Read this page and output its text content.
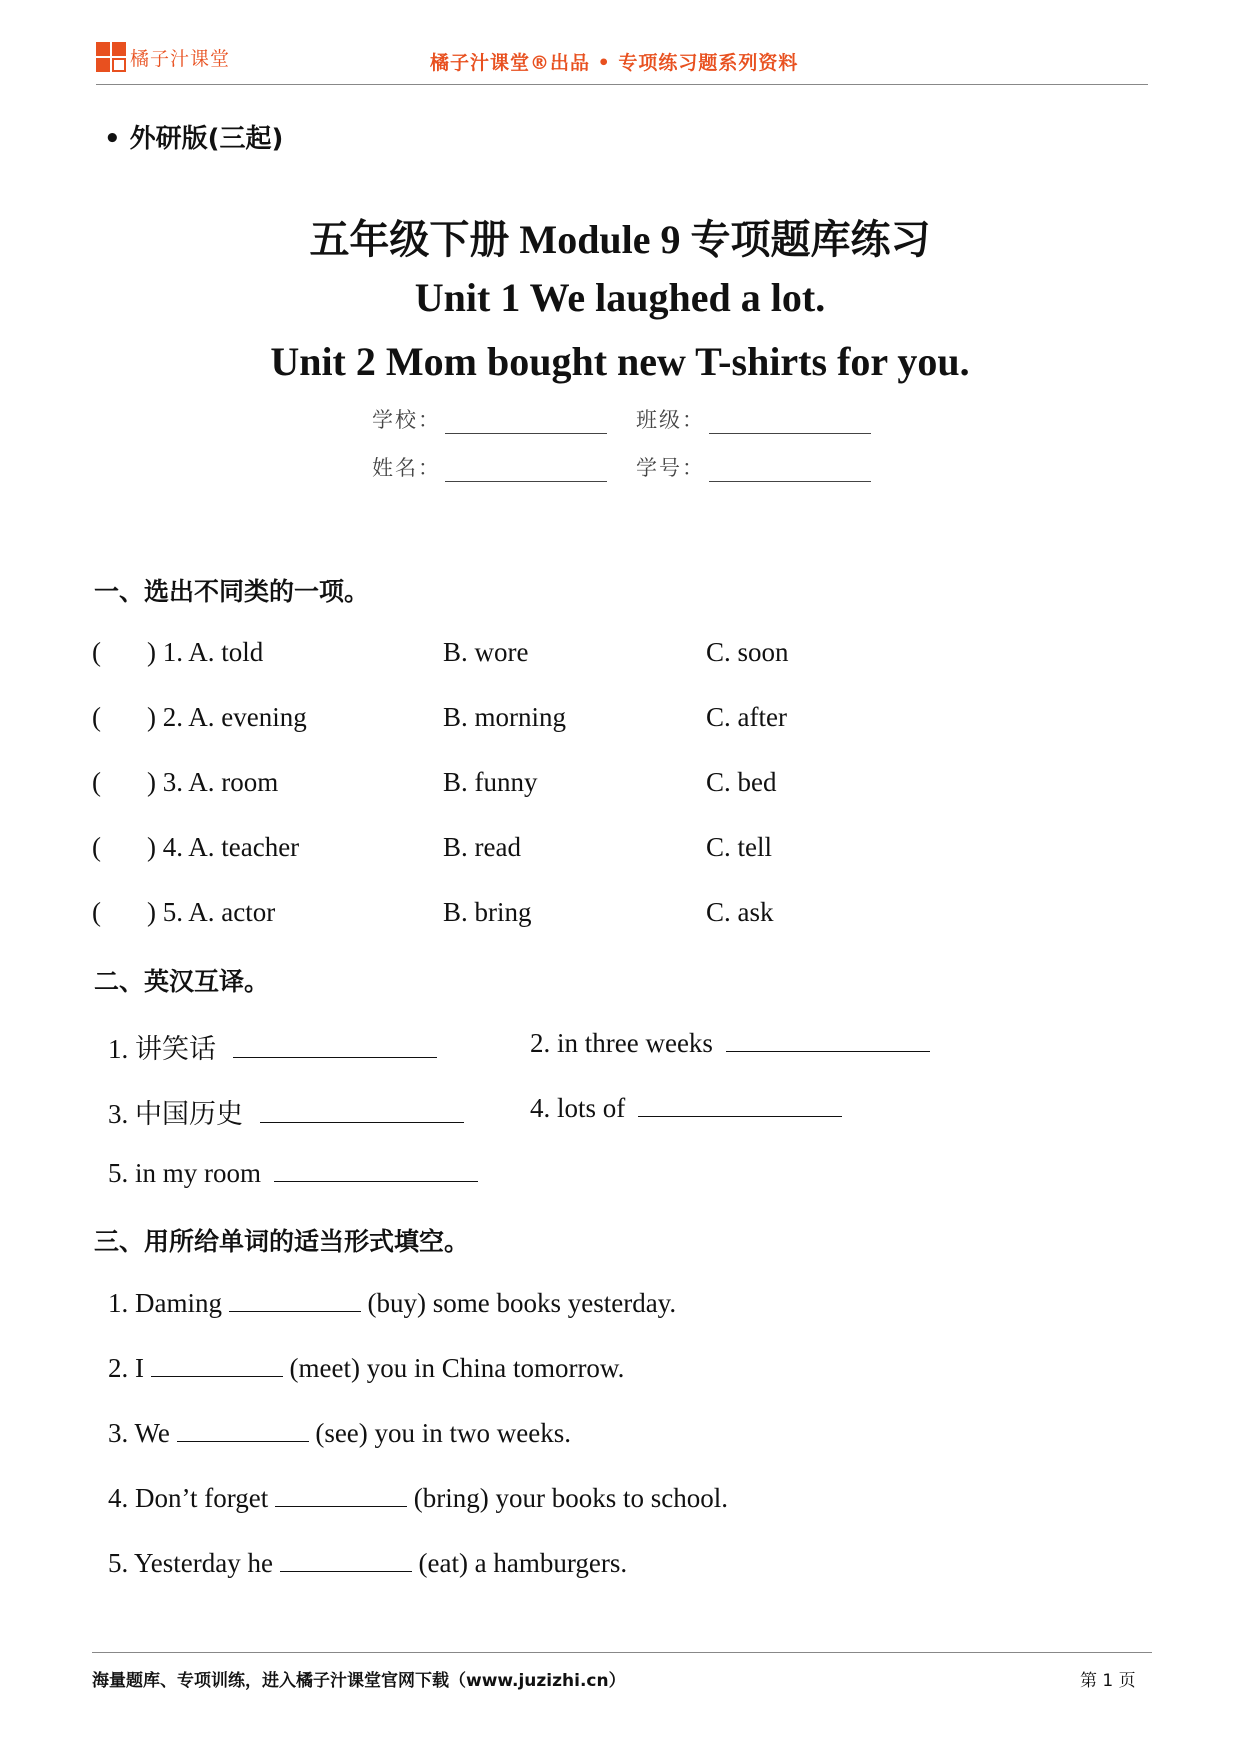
橘子汁课堂	橘子汁课堂®出品 • 专项练习题系列资料
• 外研版(三起)
五年级下册 Module 9 专项题库练习
Unit 1 We laughed a lot.
Unit 2 Mom bought new T-shirts for you.
学校：	班级：
姓名：	学号：
一、选出不同类的一项。
( ) 1. A. told	B. wore	C. soon
( ) 2. A. evening	B. morning	C. after
( ) 3. A. room	B. funny	C. bed
( ) 4. A. teacher	B. read	C. tell
( ) 5. A. actor	B. bring	C. ask
二、英汉互译。
1. 讲笑话	2. in three weeks
3. 中国历史	4. lots of
5. in my room
三、用所给单词的适当形式填空。
1. Daming	(buy) some books yesterday.
2. I	(meet) you in China tomorrow.
3. We	(see) you in two weeks.
4. Don’t forget	(bring) your books to school.
5. Yesterday he	(eat) a hamburgers.
海量题库、专项训练，进入橘子汁课堂官网下载（www.juzizhi.cn）	第 1 页
